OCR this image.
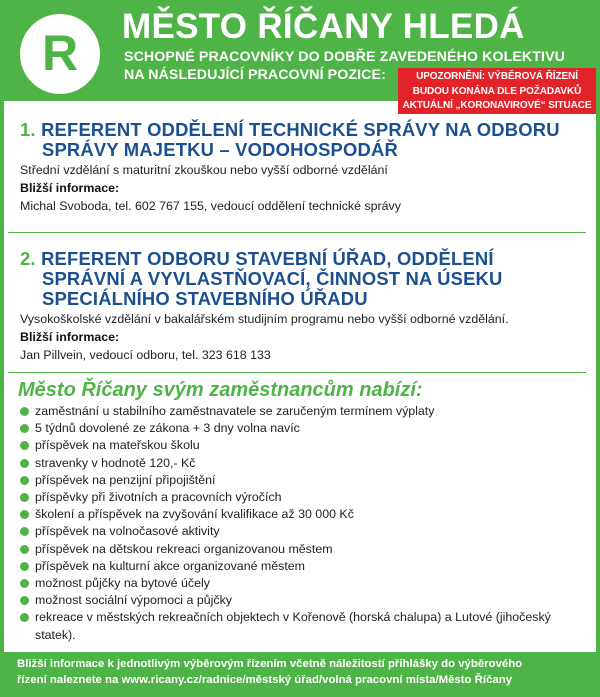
R MĚSTO ŘÍČANY HLEDÁ
SCHOPNÉ PRACOVNÍKY DO DOBŘE ZAVEDENÉHO KOLEKTIVU
NA NÁSLEDUJÍCÍ PRACOVNÍ POZICE:	UPOZORNĚNÍ: VÝBĚROVÁ ŘÍZENÍ
BUDOU KONÁNA DLE POŽADAVKŮ
AKTUÁLNÍ „KORONAVIROVÉ“ SITUACE
1. REFERENT ODDĚLENÍ TECHNICKÉ SPRÁVY NA ODBORU
SPRÁVY MAJETKU – VODOHOSPODÁŘ
Střední vzdělání s maturitní zkouškou nebo vyšší odborné vzdělání
Bližší informace:
Michal Svoboda, tel. 602 767 155, vedoucí oddělení technické správy
2. REFERENT ODBORU STAVEBNÍ ÚŘAD, ODDĚLENÍ
SPRÁVNÍ A VYVLASTŇOVACÍ, ČINNOST NA ÚSEKU
SPECIÁLNÍHO STAVEBNÍHO ÚŘADU
Vysokoškolské vzdělání v bakalářském studijním programu nebo vyšší odborné vzdělání.
Bližší informace:
Jan Pillvein, vedoucí odboru, tel. 323 618 133
Město Říčany svým zaměstnancům nabízí:
zaměstnání u stabilního zaměstnavatele se zaručeným termínem výplaty
5 týdnů dovolené ze zákona + 3 dny volna navíc
příspěvek na mateřskou školu
stravenky v hodnotě 120,- Kč
příspěvek na penzijní připojištění
příspěvky při životních a pracovních výročích
školení a příspěvek na zvyšování kvalifikace až 30 000 Kč
příspěvek na volnočasové aktivity
příspěvek na dětskou rekreaci organizovanou městem
příspěvek na kulturní akce organizované městem
možnost půjčky na bytové účely
možnost sociální výpomoci a půjčky
rekreace v městských rekreačních objektech v Kořenově (horská chalupa) a Lutové (jihočeský statek).
Bližší informace k jednotlivým výběrovým řízením včetně náležitostí přihlášky do výběrového
řízení naleznete na www.ricany.cz/radnice/městský úřad/volná pracovní místa/Město Říčany
